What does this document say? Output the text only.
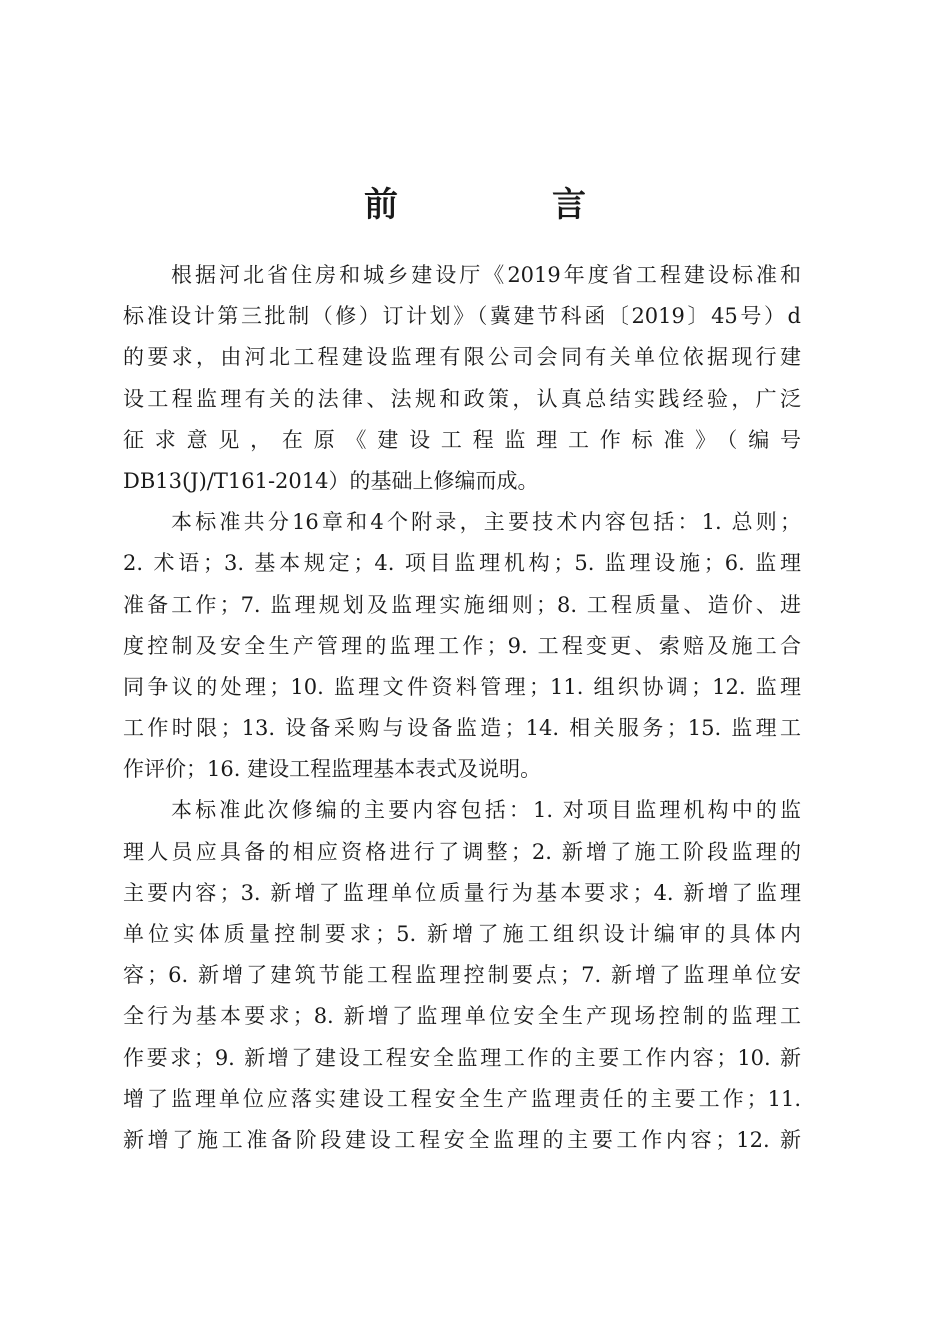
前　言
根据河北省住房和城乡建设厅《2019年度省工程建设标准和
标准设计第三批制（修）订计划》（冀建节科函〔2019〕45号）d
的要求，由河北工程建设监理有限公司会同有关单位依据现行建
设工程监理有关的法律、法规和政策，认真总结实践经验，广泛
征求意见，在原《建设工程监理工作标准》（编号
DB13(J)/T161-2014）的基础上修编而成。
本标准共分16章和4个附录，主要技术内容包括：1. 总则；
2. 术语；3. 基本规定；4. 项目监理机构；5. 监理设施；6. 监理
准备工作；7. 监理规划及监理实施细则；8. 工程质量、造价、进
度控制及安全生产管理的监理工作；9. 工程变更、索赔及施工合
同争议的处理；10. 监理文件资料管理；11. 组织协调；12. 监理
工作时限；13. 设备采购与设备监造；14. 相关服务；15. 监理工
作评价；16. 建设工程监理基本表式及说明。
本标准此次修编的主要内容包括：1. 对项目监理机构中的监
理人员应具备的相应资格进行了调整；2. 新增了施工阶段监理的
主要内容；3. 新增了监理单位质量行为基本要求；4. 新增了监理
单位实体质量控制要求；5. 新增了施工组织设计编审的具体内
容；6. 新增了建筑节能工程监理控制要点；7. 新增了监理单位安
全行为基本要求；8. 新增了监理单位安全生产现场控制的监理工
作要求；9. 新增了建设工程安全监理工作的主要工作内容；10. 新
增了监理单位应落实建设工程安全生产监理责任的主要工作；11.
新增了施工准备阶段建设工程安全监理的主要工作内容；12. 新
